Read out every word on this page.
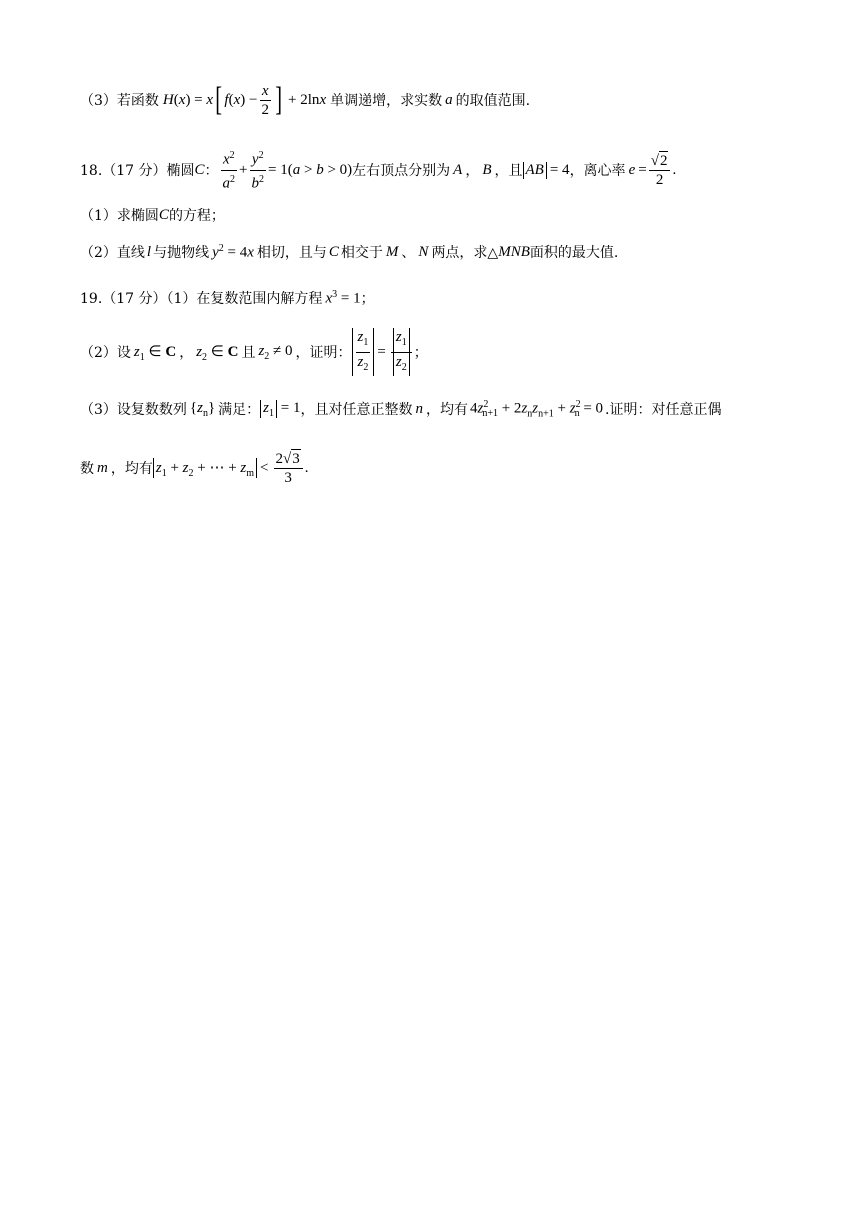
（3）若函数 H ( x ) = x [ f ( x ) − $\frac{x}{2}$ ] + 2ln x 单调递增，求实数 a 的取值范围.
18.（17 分）椭圆 C ： $\frac{x^2}{a^2} + \frac{y^2}{b^2} = 1$( a > b > 0) 左右顶点分别为 A ， B ，且 AB = 4 ，离心率 $e = \frac{√ 2}{2}$ .
（1）求椭圆 C 的方程；
（2）直线 l 与抛物线 $y^2 = 4x$ 相切，且与 C 相交于 M 、 N 两点，求△ MNB 面积的最大值.
19.（17 分）（1）在复数范围内解方程 $x^3 = 1$ ；
（2）设 $z_1$ ∈ C ， $z_2$ ∈ C 且 $z_2 \ne 0$ ，证明： $\frac{z_1}{z_2} = \frac{z_1}{z_2}$ ；
（3）设复数数列 $\{z_n\}$ 满足： $z_1 = 1$ ，且对任意正整数 n ，均有 $4z^2_{n+1} + 2z_nz_{n+1} + z^2_n = 0$ .证明：对任意正偶
数 m ，均有 $z_1 + z_2$ + ⋯ + $z_m < \frac{2√ 3}{3}$ .
